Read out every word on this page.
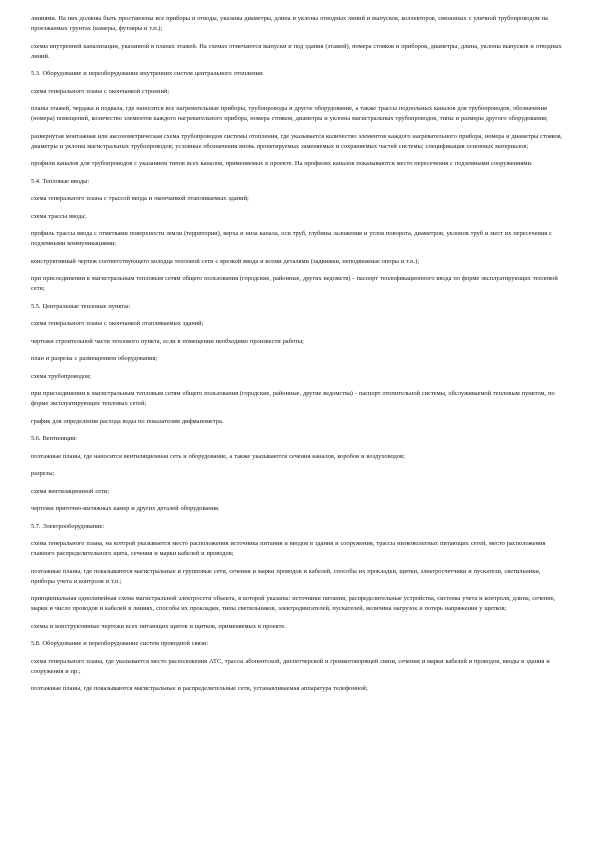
линиями. На них должны быть проставлены все приборы и отводы, указаны диаметры, длина и уклоны отводных линий и выпусков, коллекторов, связанных с уличной трубопроводом на проезжаемых грунтах (камеры, футляры и т.п.);
схемы внутренней канализации, указанной в планах этажей. На схемах отмечаются выпуски и под здания (этажей), номера стояков и приборов, диаметры, длина, уклоны выпусков и отводных линий.
5.3. Оборудование и переоборудование внутренних систем центрального отопления:
схема генерального плана с окончанкой строений;
планы этажей, чердака и подвала, где наносятся все нагревательные приборы, трубопроводы и другое оборудование, а также трассы подпольных каналов для трубопроводов, обозначения (номера) помещений, количество элементов каждого нагревательного прибора, номера стояков, диаметры и уклоны магистральных трубопроводов, типы и размеры другого оборудования;
развернутая монтажная или аксонометрическая схема трубопроводов системы отопления, где указывается количество элементов каждого нагревательного прибора, номера и диаметры стояков, диаметры и уклоны магистральных трубопроводов; условные обозначения вновь проектируемых заменяемых и сохраняемых частей системы; спецификация основных материалов;
профили каналов для трубопроводов с указанием типов всех каналов, применяемых в проекте. На профилях каналов показываются место пересечения с подземными сооружениями.
5.4. Тепловые вводы:
схема генерального плана с трассой ввода и окончанкой отапливаемых зданий;
схема трассы ввода;
профиль трассы ввода с отметками поверхности земли (территории), верха и низа канала, оси труб, глубины заложения и углов поворота, диаметров, уклонов труб и мест их пересечения с подземными коммуникациями;
конструктивный чертеж соответствующего колодца тепловой сети с врезкой ввода и всеми деталями (задвижки, неподвижные опоры и т.п.);
при присоединении к магистральным тепловым сетям общего пользования (городские, районные, других ведомств) - паспорт теплофикационного ввода по форме эксплуатирующих тепловой сети;
5.5. Центральные тепловые пункты:
схема генерального плана с окончанкой отапливаемых зданий;
чертежи строительной части теплового пункта, если в помещении необходимо произвести работы;
план и разрезы с размещением оборудования;
схема трубопроводов;
при присоединении к магистральным тепловым сетям общего пользования (городские, районные, другие ведомства) - паспорт отопительной системы, обслуживаемой тепловым пунктом, по форме эксплуатирующих тепловых сетей;
график для определения расхода воды по показателям дифманометра.
5.6. Вентиляция:
поэтажные планы, где наносится вентиляционная сеть и оборудование, а также указываются сечения каналов, коробов и воздуховодов;
разрезы;
схема вентиляционной сети;
чертежи приточно-вытяжных камер и других деталей оборудования.
5.7. Электрооборудование:
схема генерального плана, на которой указывается место расположения источника питания и вводов в здания и сооружения, трассы низковольтных питающих сетей, место расположения главного распределительного щита, сечения и марки кабелей и проводов;
поэтажные планы, где показываются магистральные и групповые сети, сечения и марки проводов и кабелей, способы их прокладки, щитки, электросчетчики и пускатели, светильники, приборы учета и контроля и т.п.;
принципиальная однолинейная схема магистральной электросети объекта, в которой указаны: источники питания, распределительные устройства, системы учета и контроля, длина, сечение, марки и число проводов и кабелей в линиях, способы их прокладки, типы светильников, электродвигателей, пускателей, величина нагрузок и потерь напряжения у щитков;
схемы и конструктивные чертежи всех питающих щитов и щитков, применяемых в проекте.
5.8. Оборудование и переоборудование систем проводной связи:
схема генерального плана, где указывается место расположения АТС, трассы абонентской, диспетчерской и громкоговорящей связи, сечения и марки кабелей и проводов, вводы в здания и сооружения и пр.;
поэтажные планы, где показываются магистральные и распределительные сети, устанавливаемая аппаратура телефонной;
